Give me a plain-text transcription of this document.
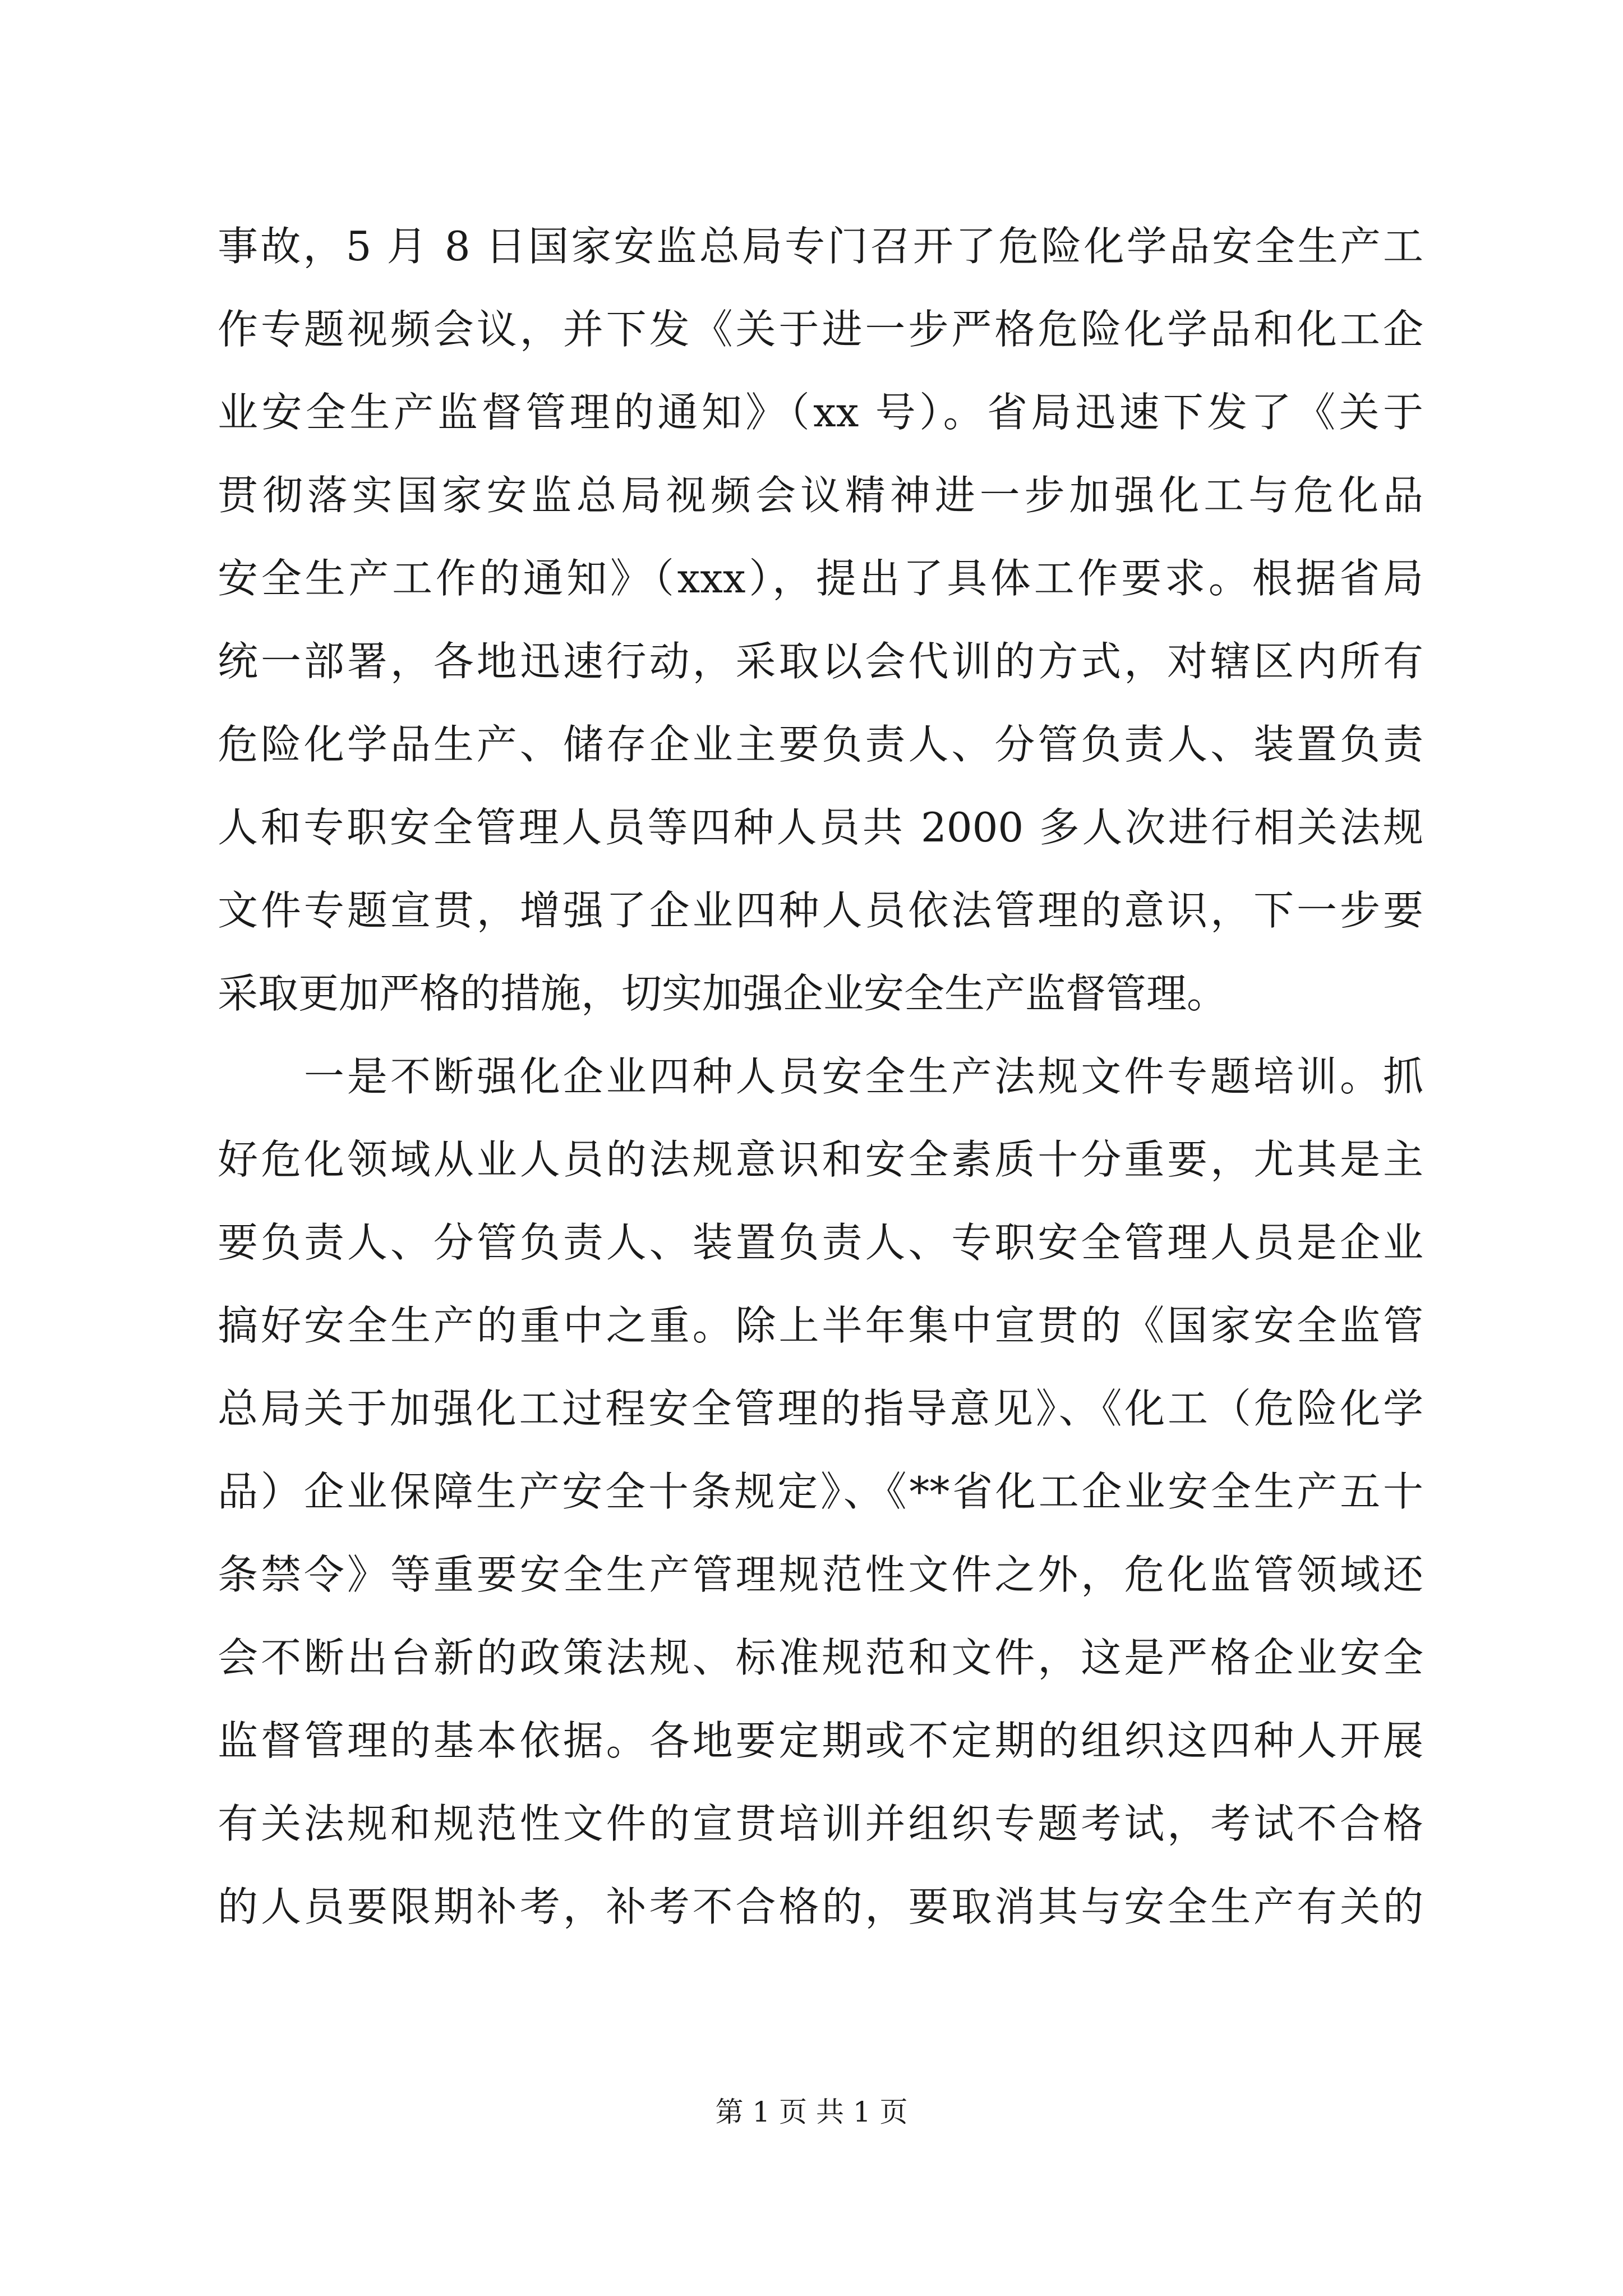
事故，5 月 8 日国家安监总局专门召开了危险化学品安全生产工
作专题视频会议，并下发《关于进一步严格危险化学品和化工企
业安全生产监督管理的通知》（xx 号）。省局迅速下发了《关于
贯彻落实国家安监总局视频会议精神进一步加强化工与危化品
安全生产工作的通知》（xxx），提出了具体工作要求。根据省局
统一部署，各地迅速行动，采取以会代训的方式，对辖区内所有
危险化学品生产、储存企业主要负责人、分管负责人、装置负责
人和专职安全管理人员等四种人员共 2000 多人次进行相关法规
文件专题宣贯，增强了企业四种人员依法管理的意识，下一步要
采取更加严格的措施，切实加强企业安全生产监督管理。
　　一是不断强化企业四种人员安全生产法规文件专题培训。抓
好危化领域从业人员的法规意识和安全素质十分重要，尤其是主
要负责人、分管负责人、装置负责人、专职安全管理人员是企业
搞好安全生产的重中之重。除上半年集中宣贯的《国家安全监管
总局关于加强化工过程安全管理的指导意见》、《化工（危险化学
品）企业保障生产安全十条规定》、《**省化工企业安全生产五十
条禁令》等重要安全生产管理规范性文件之外，危化监管领域还
会不断出台新的政策法规、标准规范和文件，这是严格企业安全
监督管理的基本依据。各地要定期或不定期的组织这四种人开展
有关法规和规范性文件的宣贯培训并组织专题考试，考试不合格
的人员要限期补考，补考不合格的，要取消其与安全生产有关的
第 1 页 共 1 页
